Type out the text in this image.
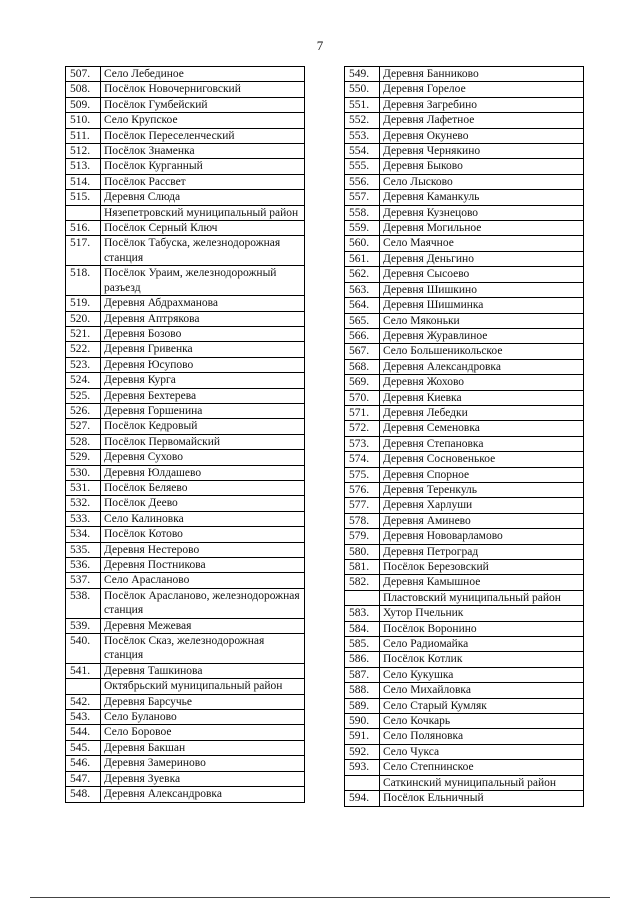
7
507.	Село Лебединое
508.	Посёлок Новочерниговский
509.	Посёлок Гумбейский
510.	Село Крупское
511.	Посёлок Переселенческий
512.	Посёлок Знаменка
513.	Посёлок Курганный
514.	Посёлок Рассвет
515.	Деревня Слюда
	Нязепетровский муниципальный район
516.	Посёлок Серный Ключ
517.	Посёлок Табуска, железнодорожная станция
518.	Посёлок Ураим, железнодорожный разъезд
519.	Деревня Абдрахманова
520.	Деревня Аптрякова
521.	Деревня Бозово
522.	Деревня Гривенка
523.	Деревня Юсупово
524.	Деревня Курга
525.	Деревня Бехтерева
526.	Деревня Горшенина
527.	Посёлок Кедровый
528.	Посёлок Первомайский
529.	Деревня Сухово
530.	Деревня Юлдашево
531.	Посёлок Беляево
532.	Посёлок Деево
533.	Село Калиновка
534.	Посёлок Котово
535.	Деревня Нестерово
536.	Деревня Постникова
537.	Село Арасланово
538.	Посёлок Арасланово, железнодорожная станция
539.	Деревня Межевая
540.	Посёлок Сказ, железнодорожная станция
541.	Деревня Ташкинова
	Октябрьский муниципальный район
542.	Деревня Барсучье
543.	Село Буланово
544.	Село Боровое
545.	Деревня Бакшан
546.	Деревня Замериново
547.	Деревня Зуевка
548.	Деревня Александровка
549.	Деревня Банниково
550.	Деревня Горелое
551.	Деревня Загребино
552.	Деревня Лафетное
553.	Деревня Окунево
554.	Деревня Чернякино
555.	Деревня Быково
556.	Село Лысково
557.	Деревня Каманкуль
558.	Деревня Кузнецово
559.	Деревня Могильное
560.	Село Маячное
561.	Деревня Деньгино
562.	Деревня Сысоево
563.	Деревня Шишкино
564.	Деревня Шишминка
565.	Село Мяконьки
566.	Деревня Журавлиное
567.	Село Большеникольское
568.	Деревня Александровка
569.	Деревня Жохово
570.	Деревня Киевка
571.	Деревня Лебедки
572.	Деревня Семеновка
573.	Деревня Степановка
574.	Деревня Сосновенькое
575.	Деревня Спорное
576.	Деревня Теренкуль
577.	Деревня Харлуши
578.	Деревня Аминево
579.	Деревня Нововарламово
580.	Деревня Петроград
581.	Посёлок Березовский
582.	Деревня Камышное
	Пластовский муниципальный район
583.	Хутор Пчельник
584.	Посёлок Воронино
585.	Село Радиомайка
586.	Посёлок Котлик
587.	Село Кукушка
588.	Село Михайловка
589.	Село Старый Кумляк
590.	Село Кочкарь
591.	Село Поляновка
592.	Село Чукса
593.	Село Степнинское
	Саткинский муниципальный район
594.	Посёлок Ельничный
